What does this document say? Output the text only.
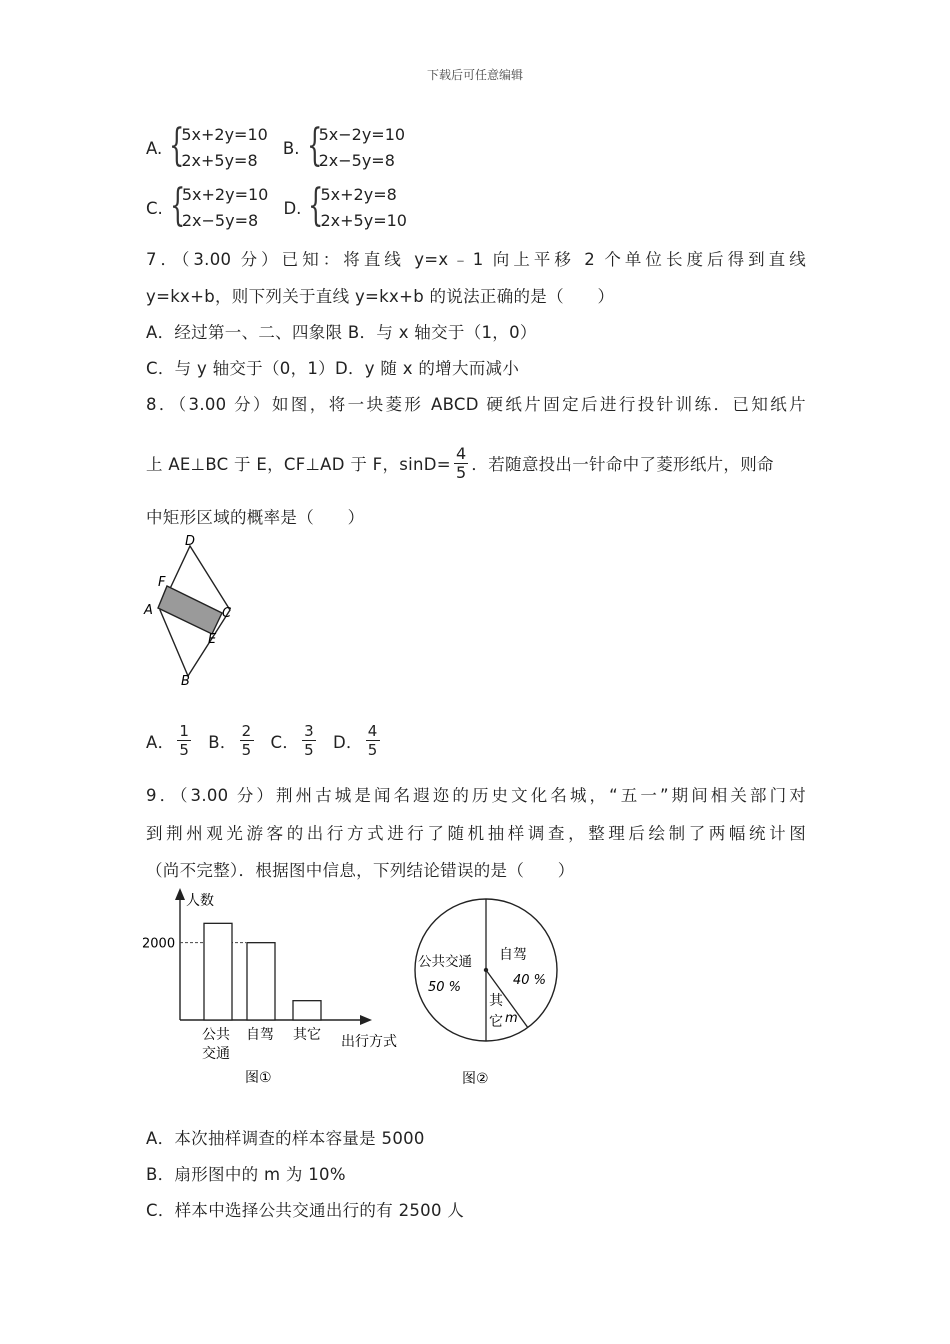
下载后可任意编辑
A. {
5x+2y=10
2x+5y=8
B. {
5x−2y=10
2x−5y=8
C. {
5x+2y=10
2x−5y=8
D. {
5x+2y=8
2x+5y=10
7．（3.00 分）已知：将直线 y=x﹣1 向上平移 2 个单位长度后得到直线
y=kx+b，则下列关于直线 y=kx+b 的说法正确的是（　　）
A．经过第一、二、四象限 B．与 x 轴交于（1，0）
C．与 y 轴交于（0，1）D．y 随 x 的增大而减小
8．（3.00 分）如图，将一块菱形 ABCD 硬纸片固定后进行投针训练．已知纸片
上 AE⊥BC 于 E，CF⊥AD 于 F，$\sin D= \frac{4}{5}$ ．若随意投出一针命中了菱形纸片，则命
中矩形区域的概率是（　　）
D
F
A	C
E
B
A． $\frac{1}{5}$ B． $\frac{2}{5}$ C． $\frac{3}{5}$ D． $\frac{4}{5}$
9．（3.00 分）荆州古城是闻名遐迩的历史文化名城，“五一”期间相关部门对
到荆州观光游客的出行方式进行了随机抽样调查，整理后绘制了两幅统计图
（尚不完整）．根据图中信息，下列结论错误的是（　　）
人数
2000
出行方式
公共
交通
自驾 其它
图①
公共交通
50 %
自驾
40 %
其
它 m
图②
A．本次抽样调查的样本容量是 5000
B．扇形图中的 m 为 10%
C．样本中选择公共交通出行的有 2500 人
